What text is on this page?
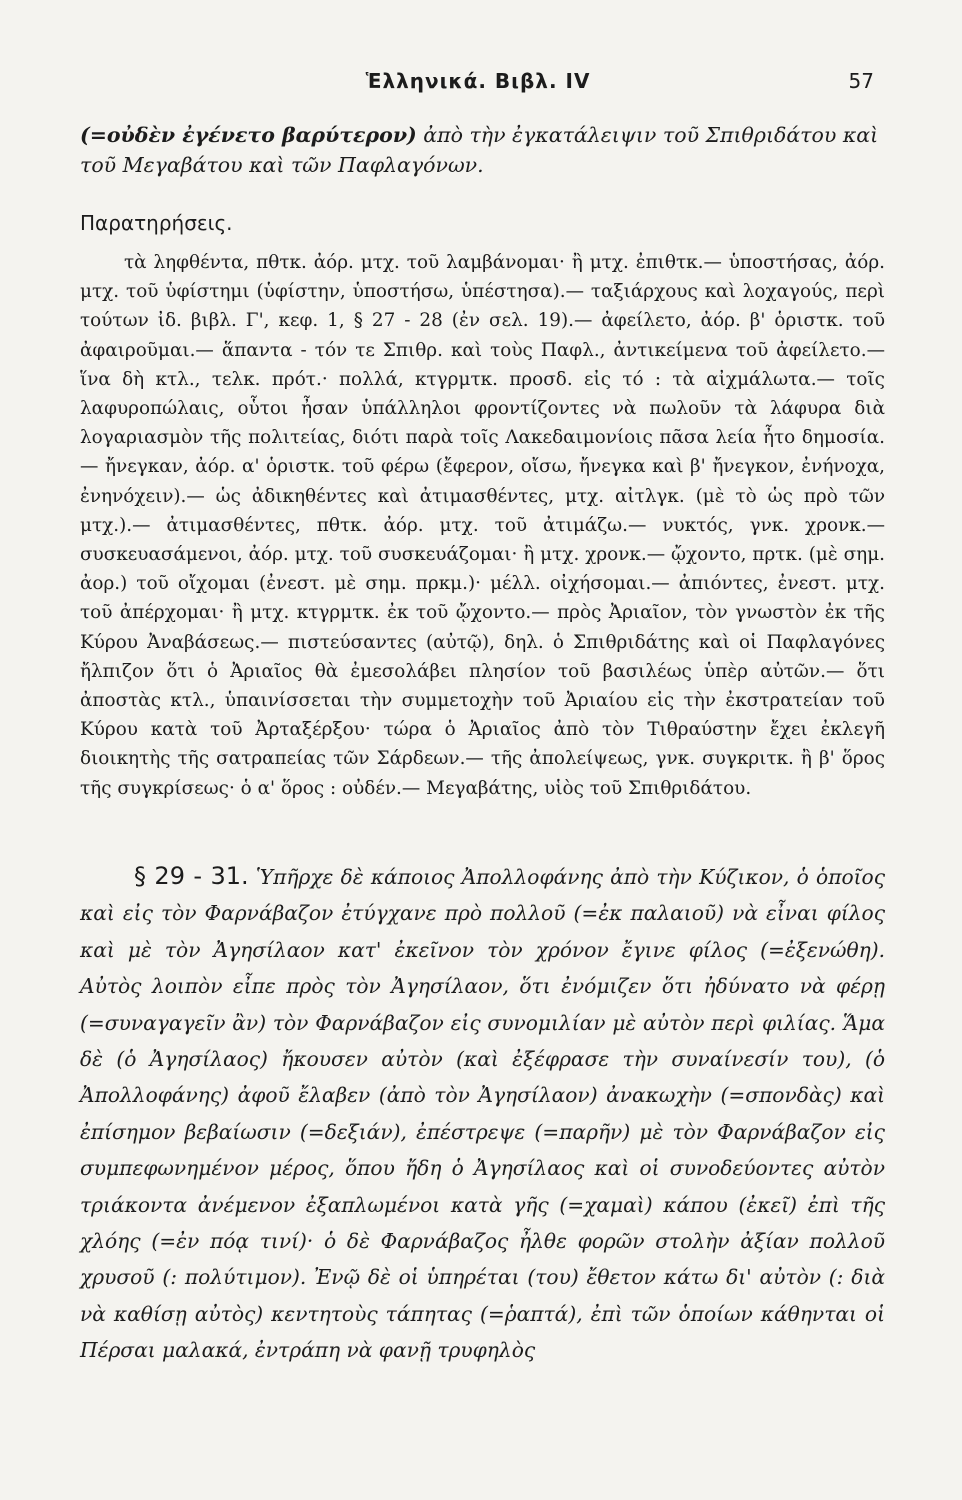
Ἑλληνικά. Βιβλ. IV	57
(=οὐδὲν ἐγένετο βαρύτερον) ἀπὸ τὴν ἐγκατάλειψιν τοῦ Σπιθριδάτου καὶ τοῦ Μεγαβάτου καὶ τῶν Παφλαγόνων.
Παρατηρήσεις.

τὰ ληφθέντα, πθτκ. ἀόρ. μτχ. τοῦ λαμβάνομαι· ἢ μτχ. ἐπιθτκ.— ὑποστήσας, ἀόρ. μτχ. τοῦ ὑφίστημι (ὑφίστην, ὑποστήσω, ὑπέστησα).— ταξιάρχους καὶ λοχαγούς, περὶ τούτων ἰδ. βιβλ. Γ', κεφ. 1, § 27 - 28 (ἐν σελ. 19).— ἀφείλετο, ἀόρ. β' ὁριστκ. τοῦ ἀφαιροῦμαι.— ἅπαντα - τόν τε Σπιθρ. καὶ τοὺς Παφλ., ἀντικείμενα τοῦ ἀφείλετο.— ἵνα δὴ κτλ., τελκ. πρότ.· πολλά, κτγρμτκ. προσδ. εἰς τό : τὰ αἰχμάλωτα.— τοῖς λαφυροπώλαις, οὗτοι ἦσαν ὑπάλληλοι φροντίζοντες νὰ πωλοῦν τὰ λάφυρα διὰ λογαριασμὸν τῆς πολιτείας, διότι παρὰ τοῖς Λακεδαιμονίοις πᾶσα λεία ἦτο δημοσία.— ἤνεγκαν, ἀόρ. α' ὁριστκ. τοῦ φέρω (ἔφερον, οἴσω, ἤνεγκα καὶ β' ἤνεγκον, ἐνήνοχα, ἐνηνόχειν).— ὡς ἀδικηθέντες καὶ ἀτιμασθέντες, μτχ. αἰτλγκ. (μὲ τὸ ὡς πρὸ τῶν μτχ.).— ἀτιμασθέντες, πθτκ. ἀόρ. μτχ. τοῦ ἀτιμάζω.— νυκτός, γνκ. χρονκ.— συσκευασάμενοι, ἀόρ. μτχ. τοῦ συσκευάζομαι· ἢ μτχ. χρονκ.— ᾤχοντο, πρτκ. (μὲ σημ. ἀορ.) τοῦ οἴχομαι (ἐνεστ. μὲ σημ. πρκμ.)· μέλλ. οἰχήσομαι.— ἀπιόντες, ἐνεστ. μτχ. τοῦ ἀπέρχομαι· ἢ μτχ. κτγρμτκ. ἐκ τοῦ ᾤχοντο.— πρὸς Ἀριαῖον, τὸν γνωστὸν ἐκ τῆς Κύρου Ἀναβάσεως.— πιστεύσαντες (αὐτῷ), δηλ. ὁ Σπιθριδάτης καὶ οἱ Παφλαγόνες ἤλπιζον ὅτι ὁ Ἀριαῖος θὰ ἐμεσολάβει πλησίον τοῦ βασιλέως ὑπὲρ αὐτῶν.— ὅτι ἀποστὰς κτλ., ὑπαινίσσεται τὴν συμμετοχὴν τοῦ Ἀριαίου εἰς τὴν ἐκστρατείαν τοῦ Κύρου κατὰ τοῦ Ἀρταξέρξου· τώρα ὁ Ἀριαῖος ἀπὸ τὸν Τιθραύστην ἔχει ἐκλεγῆ διοικητὴς τῆς σατραπείας τῶν Σάρδεων.— τῆς ἀπολείψεως, γνκ. συγκριτκ. ἢ β' ὅρος τῆς συγκρίσεως· ὁ α' ὅρος : οὐδέν.— Μεγαβάτης, υἱὸς τοῦ Σπιθριδάτου.

§ 29 - 31. Ὑπῆρχε δὲ κάποιος Ἀπολλοφάνης ἀπὸ τὴν Κύζικον, ὁ ὁποῖος καὶ εἰς τὸν Φαρνάβαζον ἐτύγχανε πρὸ πολλοῦ (=ἐκ παλαιοῦ) νὰ εἶναι φίλος καὶ μὲ τὸν Ἀγησίλαον κατ' ἐκεῖνον τὸν χρόνον ἔγινε φίλος (=ἐξενώθη). Αὐτὸς λοιπὸν εἶπε πρὸς τὸν Ἀγησίλαον, ὅτι ἐνόμιζεν ὅτι ἠδύνατο νὰ φέρῃ (=συναγαγεῖν ἂν) τὸν Φαρνάβαζον εἰς συνομιλίαν μὲ αὐτὸν περὶ φιλίας. Ἅμα δὲ (ὁ Ἀγησίλαος) ἤκουσεν αὐτὸν (καὶ ἐξέφρασε τὴν συναίνεσίν του), (ὁ Ἀπολλοφάνης) ἀφοῦ ἔλαβεν (ἀπὸ τὸν Ἀγησίλαον) ἀνακωχὴν (=σπονδὰς) καὶ ἐπίσημον βεβαίωσιν (=δεξιάν), ἐπέστρεψε (=παρῆν) μὲ τὸν Φαρνάβαζον εἰς συμπεφωνημένον μέρος, ὅπου ἤδη ὁ Ἀγησίλαος καὶ οἱ συνοδεύοντες αὐτὸν τριάκοντα ἀνέμενον ἐξαπλωμένοι κατὰ γῆς (=χαμαὶ) κάπου (ἐκεῖ) ἐπὶ τῆς χλόης (=ἐν πόᾳ τινί)· ὁ δὲ Φαρνάβαζος ἦλθε φορῶν στολὴν ἀξίαν πολλοῦ χρυσοῦ (: πολύτιμον). Ἐνῷ δὲ οἱ ὑπηρέται (του) ἔθετον κάτω δι' αὐτὸν (: διὰ νὰ καθίσῃ αὐτὸς) κεντητοὺς τάπητας (=ῥαπτά), ἐπὶ τῶν ὁποίων κάθηνται οἱ Πέρσαι μαλακά, ἐντράπη νὰ φανῇ τρυφηλὸς
